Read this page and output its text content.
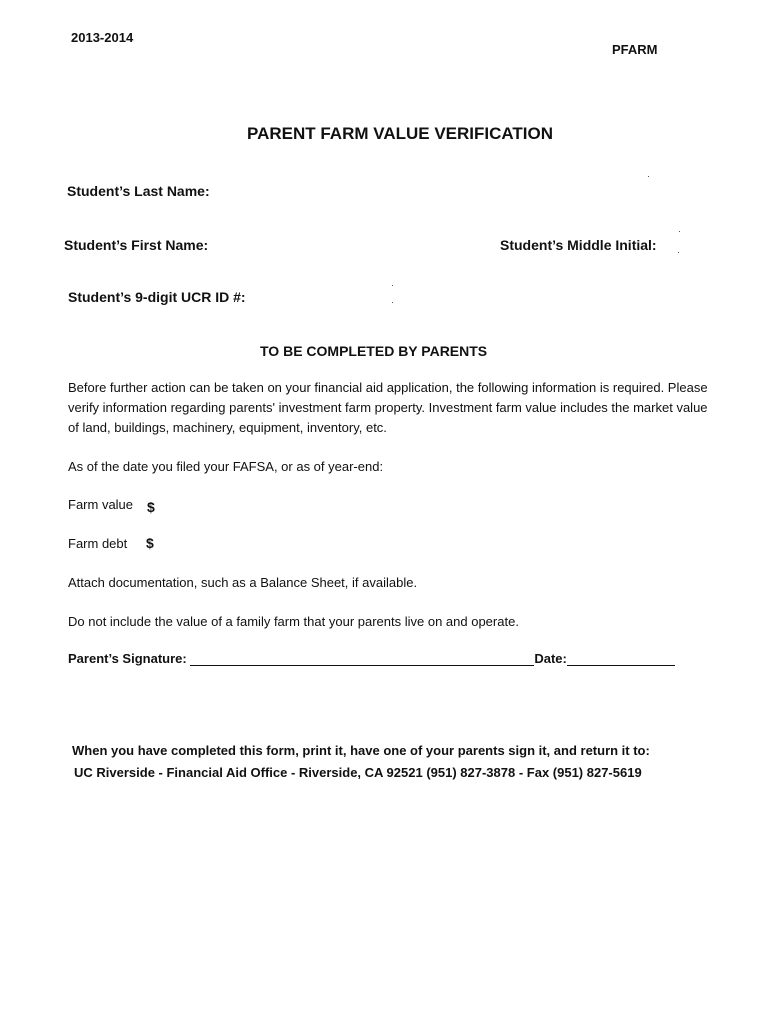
2013-2014
PFARM
PARENT FARM VALUE VERIFICATION
Student’s Last Name:
Student’s First Name:	Student’s Middle Initial:
Student’s 9-digit UCR ID #:
TO BE COMPLETED BY PARENTS
Before further action can be taken on your financial aid application, the following information is required. Please verify information regarding parents' investment farm property. Investment farm value includes the market value of land, buildings, machinery, equipment, inventory, etc.
As of the date you filed your FAFSA, or as of year-end:
Farm value $
Farm debt $
Attach documentation, such as a Balance Sheet, if available.
Do not include the value of a family farm that your parents live on and operate.
Parent’s Signature:	Date:
When you have completed this form, print it, have one of your parents sign it, and return it to:
UC Riverside - Financial Aid Office - Riverside, CA 92521 (951) 827-3878 - Fax (951) 827-5619
